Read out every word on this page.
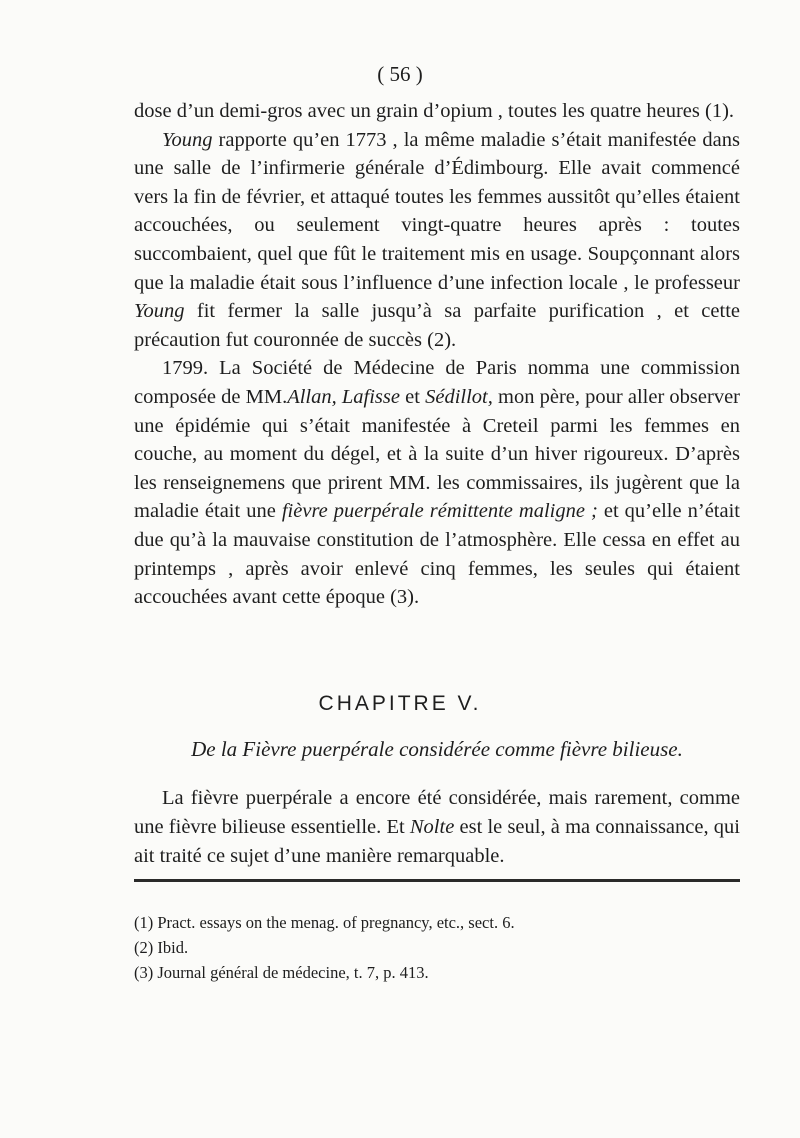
( 56 )

dose d’un demi-gros avec un grain d’opium , toutes les quatre heures (1).

Young rapporte qu’en 1773 , la même maladie s’était manifestée dans une salle de l’infirmerie générale d’Édimbourg. Elle avait commencé vers la fin de février, et attaqué toutes les femmes aussitôt qu’elles étaient accouchées, ou seulement vingt-quatre heures après : toutes succombaient, quel que fût le traitement mis en usage. Soupçonnant alors que la maladie était sous l’influence d’une infection locale , le professeur Young fit fermer la salle jusqu’à sa parfaite purification , et cette précaution fut couronnée de succès (2).

1799. La Société de Médecine de Paris nomma une commission composée de MM.Allan, Lafisse et Sédillot, mon père, pour aller observer une épidémie qui s’était manifestée à Creteil parmi les femmes en couche, au moment du dégel, et à la suite d’un hiver rigoureux. D’après les renseignemens que prirent MM. les commissaires, ils jugèrent que la maladie était une fièvre puerpérale rémittente maligne ; et qu’elle n’était due qu’à la mauvaise constitution de l’atmosphère. Elle cessa en effet au printemps , après avoir enlevé cinq femmes, les seules qui étaient accouchées avant cette époque (3).

CHAPITRE V.
De la Fièvre puerpérale considérée comme fièvre bilieuse.

La fièvre puerpérale a encore été considérée, mais rarement, comme une fièvre bilieuse essentielle. Et Nolte est le seul, à ma connaissance, qui ait traité ce sujet d’une manière remarquable.

(1) Pract. essays on the menag. of pregnancy, etc., sect. 6.
(2) Ibid.
(3) Journal général de médecine, t. 7, p. 413.
